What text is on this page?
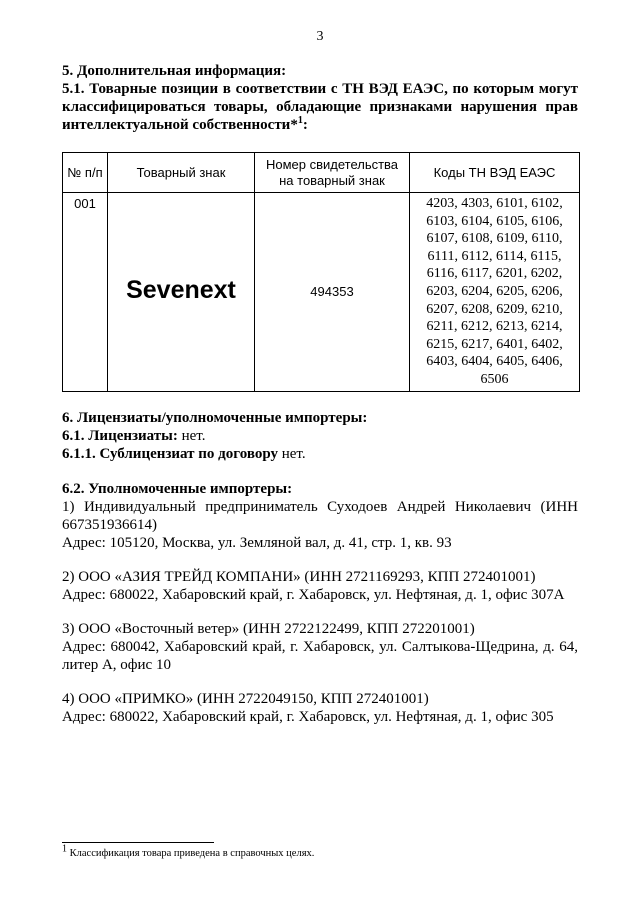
3

5. Дополнительная информация:

5.1. Товарные позиции в соответствии с ТН ВЭД ЕАЭС, по которым могут классифицироваться товары, обладающие признаками нарушения прав интеллектуальной собственности*$^1$:

№ п/п	Товарный знак	Номер свидетельства на товарный знак	Коды ТН ВЭД ЕАЭС
001	Sevenext	494353	4203, 4303, 6101, 6102, 6103, 6104, 6105, 6106, 6107, 6108, 6109, 6110, 6111, 6112, 6114, 6115, 6116, 6117, 6201, 6202, 6203, 6204, 6205, 6206, 6207, 6208, 6209, 6210, 6211, 6212, 6213, 6214, 6215, 6217, 6401, 6402, 6403, 6404, 6405, 6406, 6506

6. Лицензиаты/уполномоченные импортеры:

6.1. Лицензиаты: нет.

6.1.1. Сублицензиат по договору нет.

6.2. Уполномоченные импортеры:

1) Индивидуальный предприниматель Суходоев Андрей Николаевич (ИНН 667351936614)

Адрес: 105120, Москва, ул. Земляной вал, д. 41, стр. 1, кв. 93

2) ООО «АЗИЯ ТРЕЙД КОМПАНИ» (ИНН 2721169293, КПП 272401001)

Адрес: 680022, Хабаровский край, г. Хабаровск, ул. Нефтяная, д. 1, офис 307А

3) ООО «Восточный ветер» (ИНН 2722122499, КПП 272201001)

Адрес: 680042, Хабаровский край, г. Хабаровск, ул. Салтыкова-Щедрина, д. 64, литер А, офис 10

4) ООО «ПРИМКО» (ИНН 2722049150, КПП 272401001)

Адрес: 680022, Хабаровский край, г. Хабаровск, ул. Нефтяная, д. 1, офис 305

$^1$ Классификация товара приведена в справочных целях.
